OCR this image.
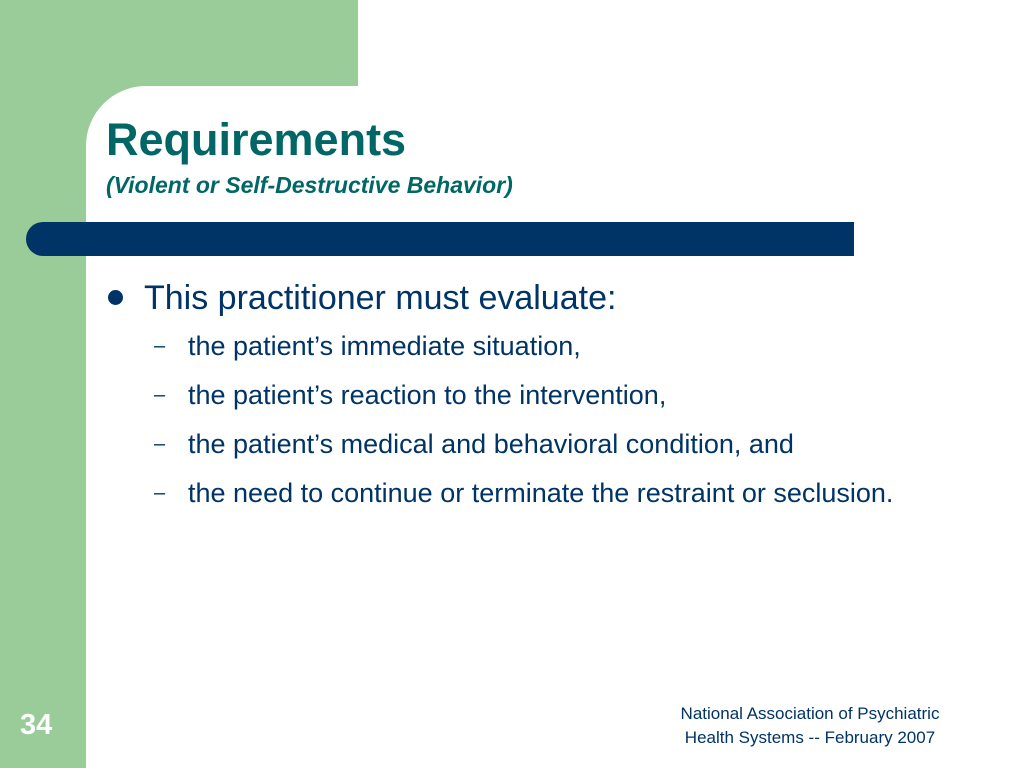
Requirements
(Violent or Self-Destructive Behavior)
This practitioner must evaluate:
– the patient’s immediate situation,
– the patient’s reaction to the intervention,
– the patient’s medical and behavioral condition, and
– the need to continue or terminate the restraint or seclusion.
34	National Association of Psychiatric
Health Systems -- February 2007
